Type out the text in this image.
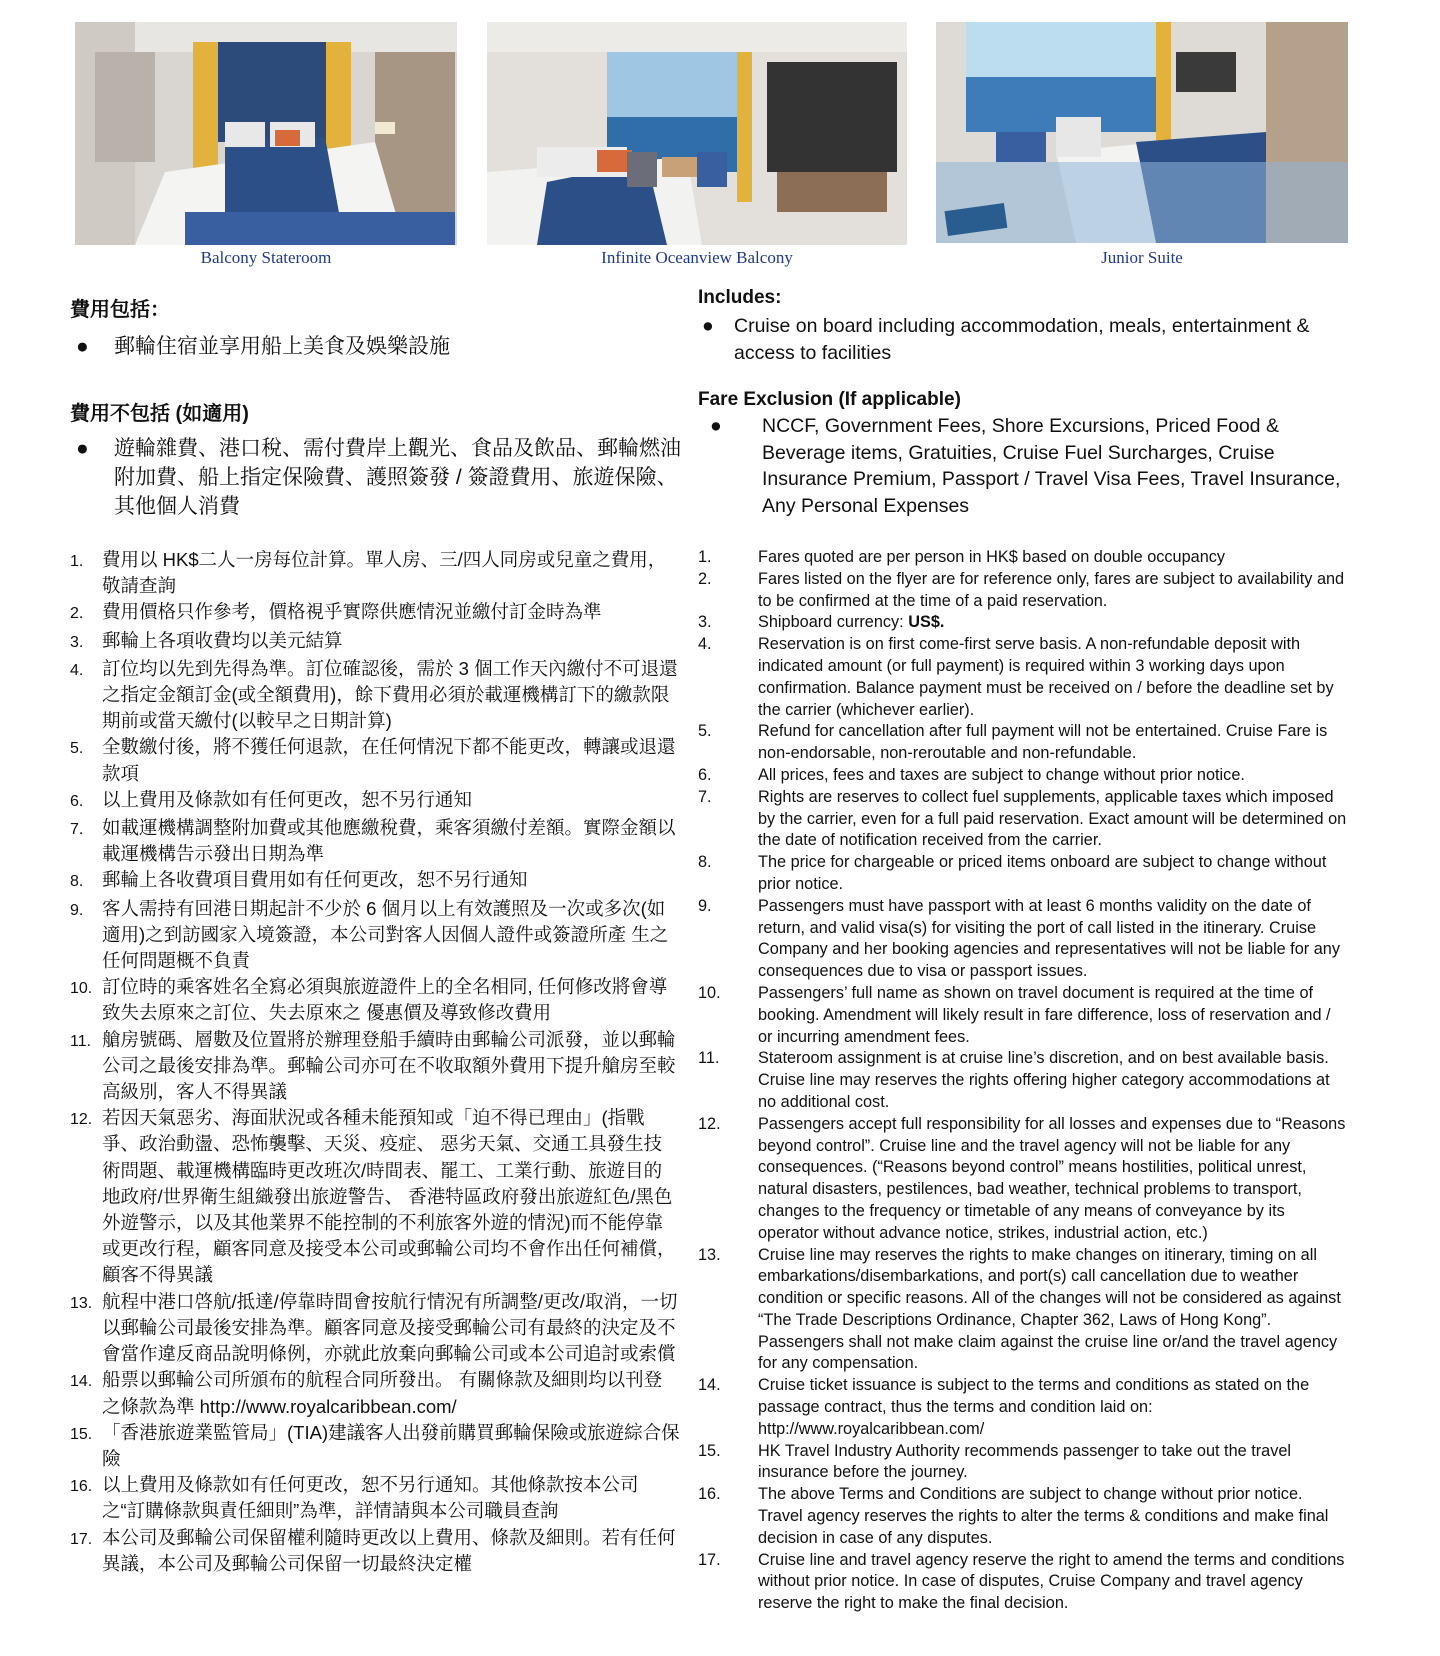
Balcony Stateroom	Infinite Oceanview Balcony	Junior Suite

費用包括：

●	郵輪住宿並享用船上美食及娛樂設施

費用不包括 (如適用)

●	遊輪雜費、港口稅、需付費岸上觀光、食品及飲品、郵輪燃油附加費、船上指定保險費、護照簽發 / 簽證費用、旅遊保險、其他個人消費

Includes:

●	Cruise on board including accommodation, meals, entertainment & access to facilities

Fare Exclusion (If applicable)

●	NCCF, Government Fees, Shore Excursions, Priced Food & Beverage items, Gratuities, Cruise Fuel Surcharges, Cruise Insurance Premium, Passport / Travel Visa Fees, Travel Insurance, Any Personal Expenses
1.	費用以 HK$二人一房每位計算。單人房、三/四人同房或兒童之費用，敬請查詢
2.	費用價格只作參考，價格視乎實際供應情況並繳付訂金時為準
3.	郵輪上各項收費均以美元結算
4.	訂位均以先到先得為準。訂位確認後，需於 3 個工作天內繳付不可退還之指定金額訂金(或全額費用)，餘下費用必須於載運機構訂下的繳款限期前或當天繳付(以較早之日期計算)
5.	全數繳付後，將不獲任何退款，在任何情況下都不能更改，轉讓或退還款項
6.	以上費用及條款如有任何更改，恕不另行通知
7.	如載運機構調整附加費或其他應繳稅費，乘客須繳付差額。實際金額以載運機構告示發出日期為準
8.	郵輪上各收費項目費用如有任何更改，恕不另行通知
9.	客人需持有回港日期起計不少於 6 個月以上有效護照及一次或多次(如適用)之到訪國家入境簽證，本公司對客人因個人證件或簽證所產 生之任何問題概不負責
10. 訂位時的乘客姓名全寫必須與旅遊證件上的全名相同, 任何修改將會導致失去原來之訂位、失去原來之 優惠價及導致修改費用
11. 艙房號碼、層數及位置將於辦理登船手續時由郵輪公司派發，並以郵輪公司之最後安排為準。郵輪公司亦可在不收取額外費用下提升艙房至較高級別，客人不得異議
12. 若因天氣惡劣、海面狀況或各種未能預知或「迫不得已理由」(指戰爭、政治動盪、恐怖襲擊、天災、疫症、 惡劣天氣、交通工具發生技術問題、載運機構臨時更改班次/時間表、罷工、工業行動、旅遊目的地政府/世界衛生組織發出旅遊警告、 香港特區政府發出旅遊紅色/黑色外遊警示，以及其他業界不能控制的不利旅客外遊的情況)而不能停靠或更改行程，顧客同意及接受本公司或郵輪公司均不會作出任何補償，顧客不得異議
13. 航程中港口啓航/抵達/停靠時間會按航行情況有所調整/更改/取消，一切以郵輪公司最後安排為準。顧客同意及接受郵輪公司有最終的決定及不會當作違反商品說明條例，亦就此放棄向郵輪公司或本公司追討或索償
14. 船票以郵輪公司所頒布的航程合同所發出。 有關條款及細則均以刊登之條款為準 http://www.royalcaribbean.com/
15. 「香港旅遊業監管局」(TIA)建議客人出發前購買郵輪保險或旅遊綜合保險
16. 以上費用及條款如有任何更改，恕不另行通知。其他條款按本公司之“訂購條款與責任細則”為準，詳情請與本公司職員查詢
17. 本公司及郵輪公司保留權利隨時更改以上費用、條款及細則。若有任何異議，本公司及郵輪公司保留一切最終決定權
1.	Fares quoted are per person in HK$ based on double occupancy
2.	Fares listed on the flyer are for reference only, fares are subject to availability and to be confirmed at the time of a paid reservation.
3.	Shipboard currency: US$.
4.	Reservation is on first come-first serve basis. A non-refundable deposit with indicated amount (or full payment) is required within 3 working days upon confirmation. Balance payment must be received on / before the deadline set by the carrier (whichever earlier).
5.	Refund for cancellation after full payment will not be entertained. Cruise Fare is non-endorsable, non-reroutable and non-refundable.
6.	All prices, fees and taxes are subject to change without prior notice.
7.	Rights are reserves to collect fuel supplements, applicable taxes which imposed by the carrier, even for a full paid reservation. Exact amount will be determined on the date of notification received from the carrier.
8.	The price for chargeable or priced items onboard are subject to change without prior notice.
9.	Passengers must have passport with at least 6 months validity on the date of return, and valid visa(s) for visiting the port of call listed in the itinerary. Cruise Company and her booking agencies and representatives will not be liable for any consequences due to visa or passport issues.
10.	Passengers’ full name as shown on travel document is required at the time of booking. Amendment will likely result in fare difference, loss of reservation and / or incurring amendment fees.
11.	Stateroom assignment is at cruise line’s discretion, and on best available basis. Cruise line may reserves the rights offering higher category accommodations at no additional cost.
12.	Passengers accept full responsibility for all losses and expenses due to “Reasons beyond control”. Cruise line and the travel agency will not be liable for any consequences. (“Reasons beyond control” means hostilities, political unrest, natural disasters, pestilences, bad weather, technical problems to transport, changes to the frequency or timetable of any means of conveyance by its operator without advance notice, strikes, industrial action, etc.)
13.	Cruise line may reserves the rights to make changes on itinerary, timing on all embarkations/disembarkations, and port(s) call cancellation due to weather condition or specific reasons. All of the changes will not be considered as against “The Trade Descriptions Ordinance, Chapter 362, Laws of Hong Kong”. Passengers shall not make claim against the cruise line or/and the travel agency for any compensation.
14.	Cruise ticket issuance is subject to the terms and conditions as stated on the passage contract, thus the terms and condition laid on: http://www.royalcaribbean.com/
15.	HK Travel Industry Authority recommends passenger to take out the travel insurance before the journey.
16.	The above Terms and Conditions are subject to change without prior notice. Travel agency reserves the rights to alter the terms & conditions and make final decision in case of any disputes.
17.	Cruise line and travel agency reserve the right to amend the terms and conditions without prior notice. In case of disputes, Cruise Company and travel agency reserve the right to make the final decision.
